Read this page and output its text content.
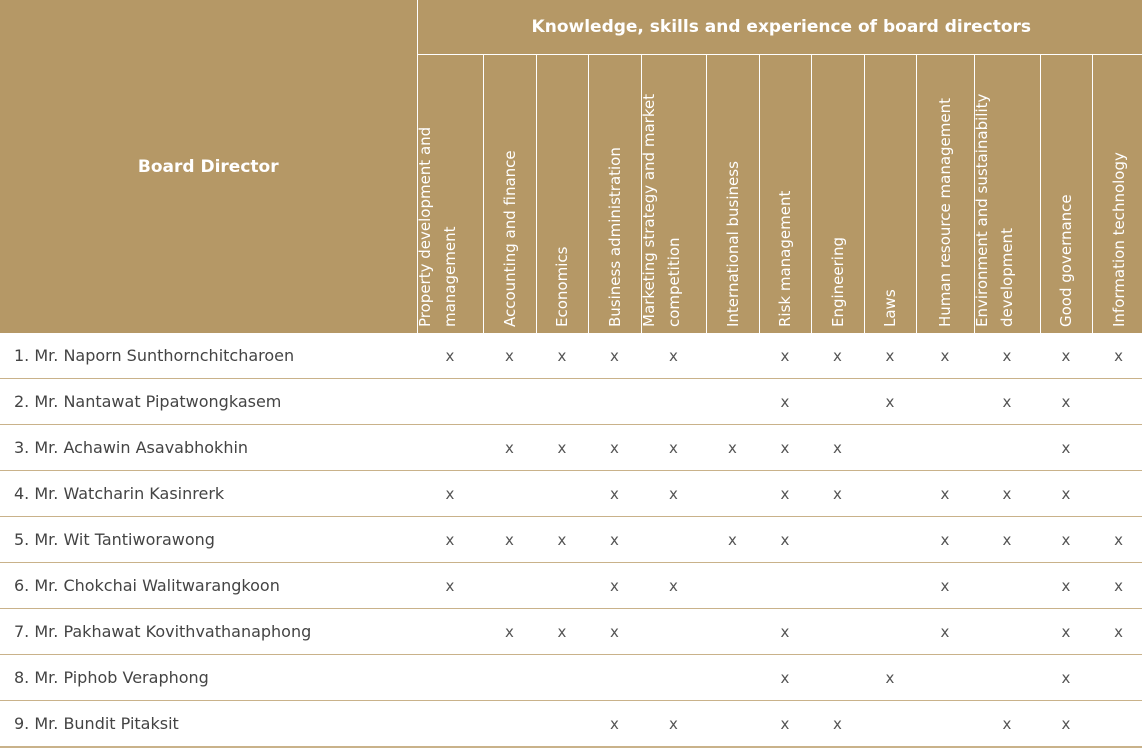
Board Director	Knowledge, skills and experience of board directors												

	Property development and management	Accounting and finance	Economics	Business administration	Marketing strategy and market competition	International business	Risk management	Engineering	Laws	Human resource management	Environment and sustainability development	Good governance	Information technology

1. Mr. Naporn Sunthornchitcharoen	x	x	x	x	x		x	x	x	x	x	x	x
2. Mr. Nantawat Pipatwongkasem							x		x		x	x	
3. Mr. Achawin Asavabhokhin		x	x	x	x	x	x	x				x	
4. Mr. Watcharin Kasinrerk	x			x	x		x	x		x	x	x	
5. Mr. Wit Tantiworawong	x	x	x	x		x	x			x	x	x	x
6. Mr. Chokchai Walitwarangkoon	x			x	x					x		x	x
7. Mr. Pakhawat Kovithvathanaphong		x	x	x			x			x		x	x
8. Mr. Piphob Veraphong							x		x			x	
9. Mr. Bundit Pitaksit				x	x		x	x			x	x	
